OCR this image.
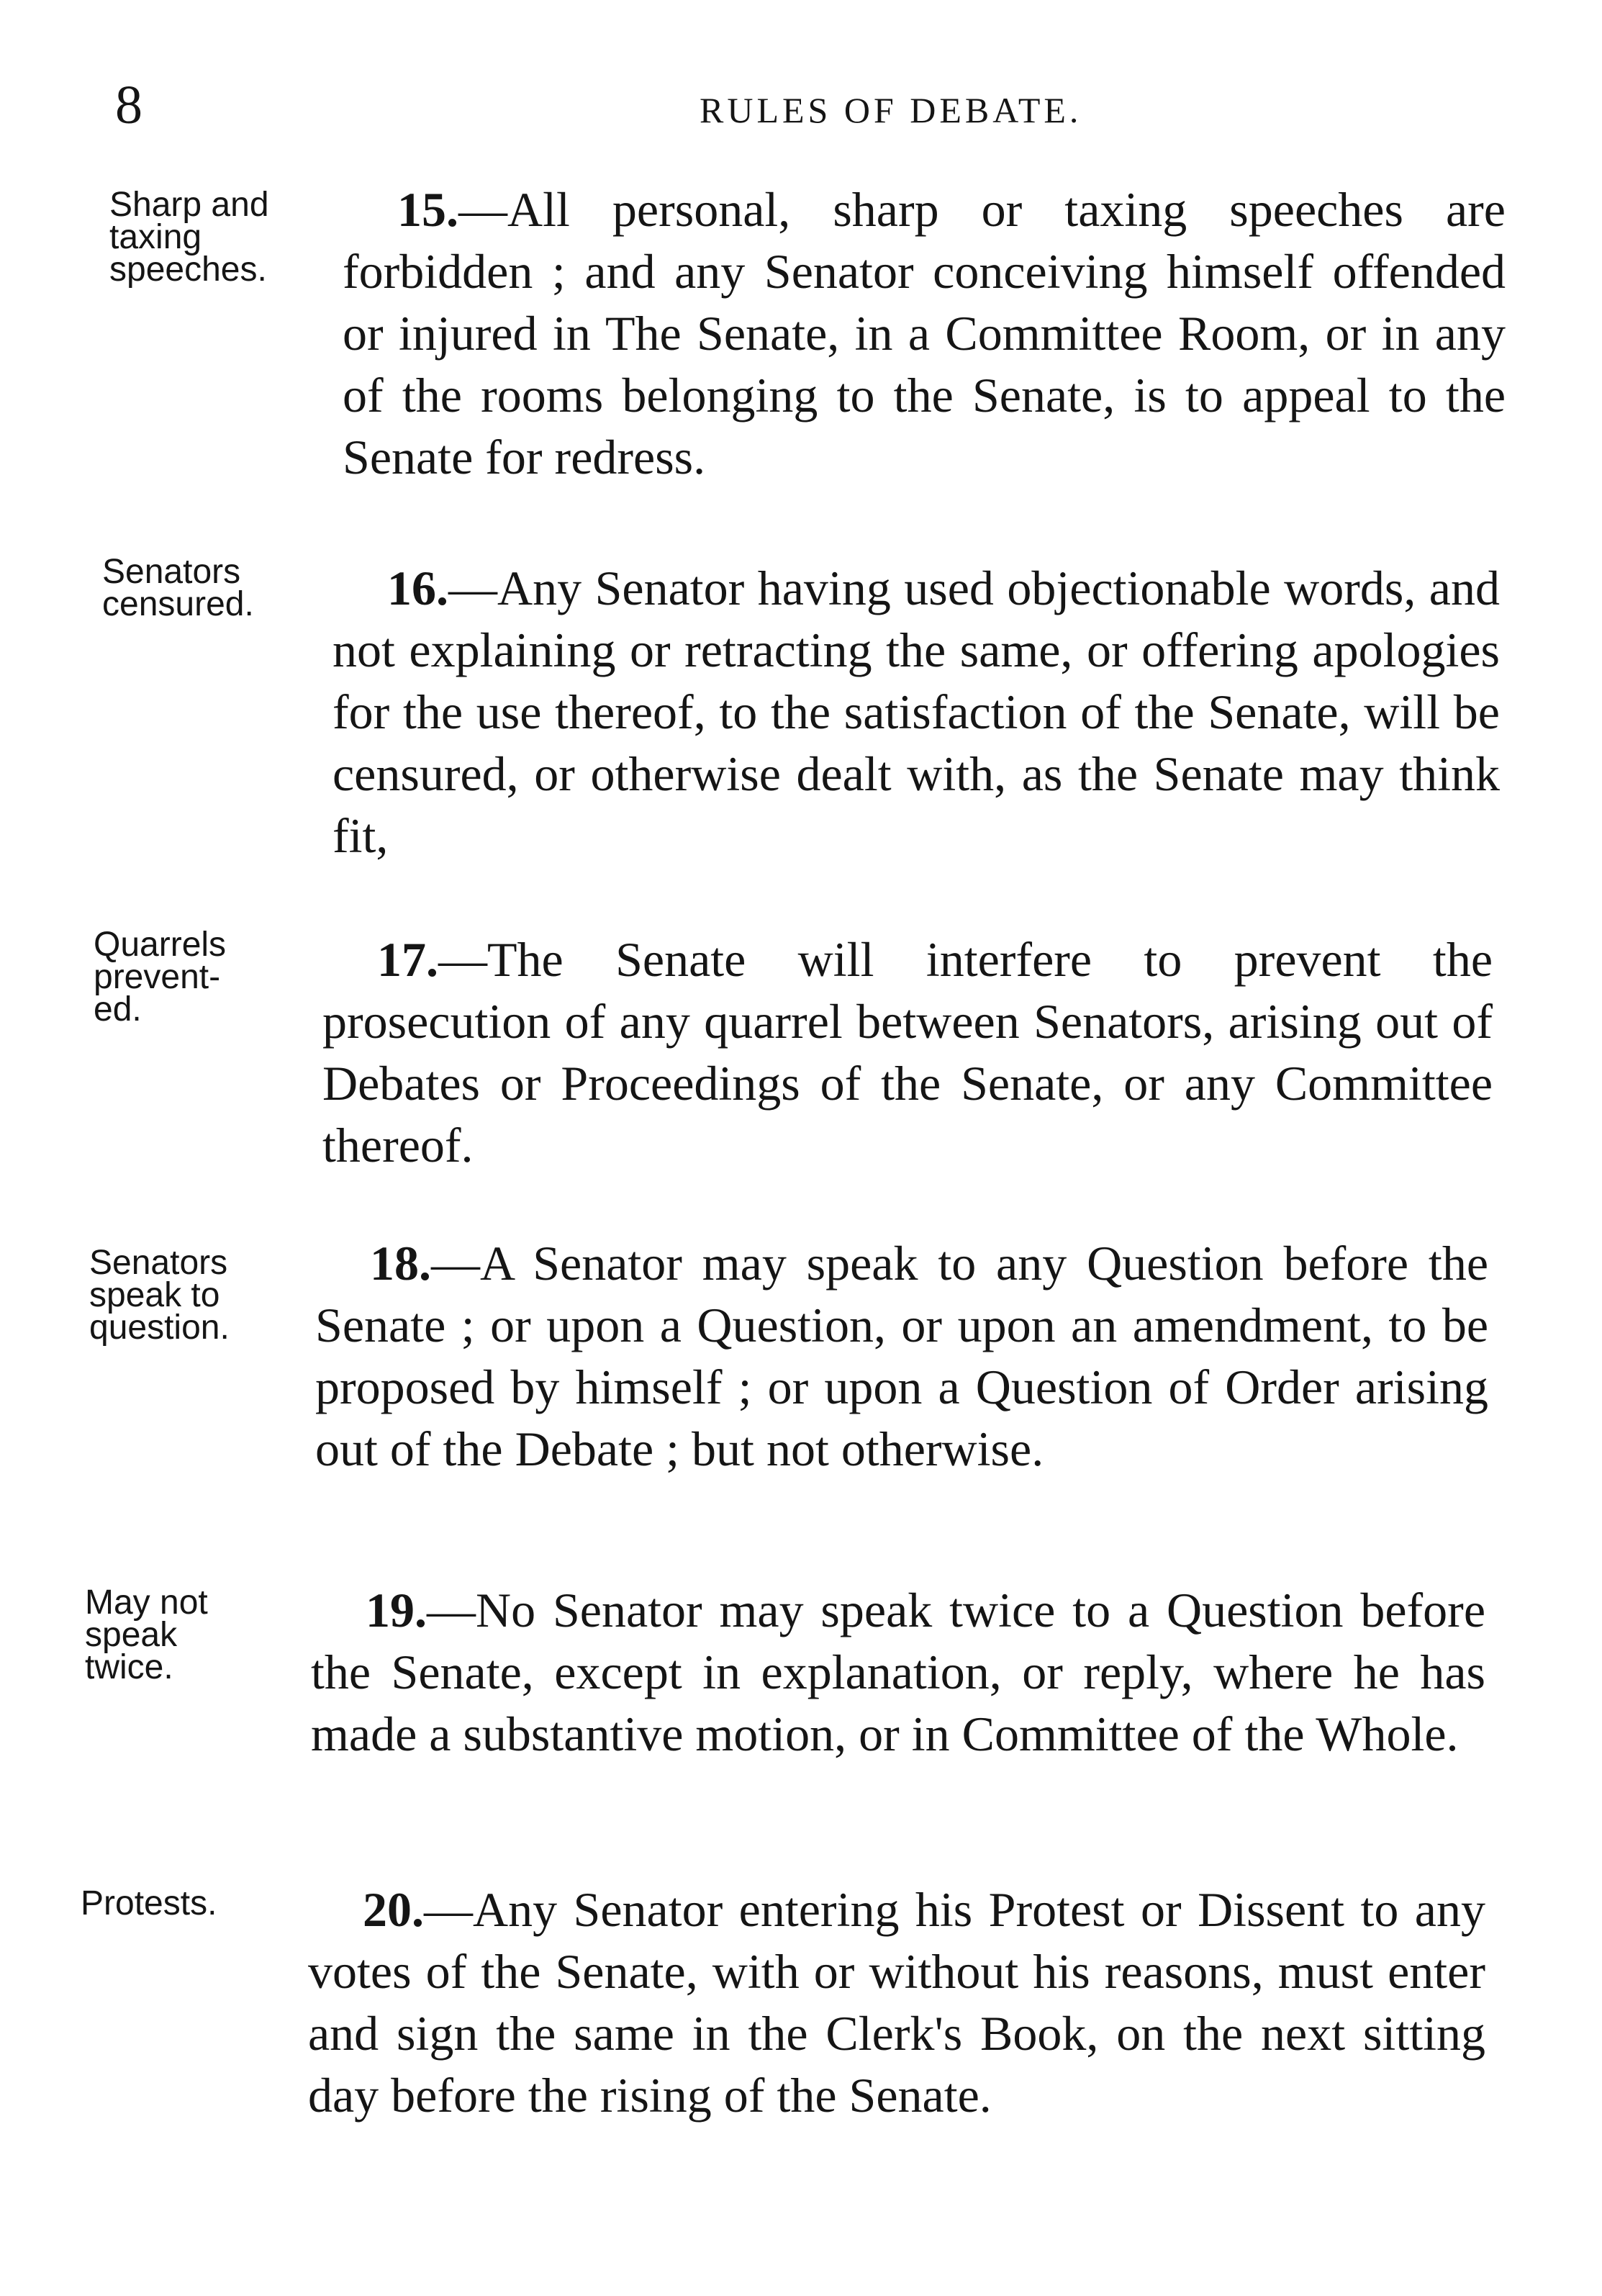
8	RULES OF DEBATE.
Sharp and
taxing
speeches.

15.—All personal, sharp or taxing speeches are forbidden ; and any Senator conceiving himself offended or injured in The Senate, in a Committee Room, or in any of the rooms belonging to the Senate, is to appeal to the Senate for redress.

Senators
censured.	16.—Any Senator having used objectionable words, and not explaining or retracting the same, or offering apologies for the use thereof, to the satisfaction of the Senate, will be censured, or otherwise dealt with, as the Senate may think fit,

Quarrels
prevent-
ed.

17.—The Senate will interfere to prevent the prosecution of any quarrel between Senators, arising out of Debates or Proceedings of the Senate, or any Committee thereof.

Senators
speak to
question.

18.—A Senator may speak to any Question before the Senate ; or upon a Question, or upon an amendment, to be proposed by himself ; or upon a Question of Order arising out of the Debate ; but not otherwise.

May not
speak
twice.

19.—No Senator may speak twice to a Question before the Senate, except in explanation, or reply, where he has made a substantive motion, or in Committee of the Whole.

Protests.	20.—Any Senator entering his Protest or Dissent to any votes of the Senate, with or without his reasons, must enter and sign the same in the Clerk's Book, on the next sitting day before the rising of the Senate.
